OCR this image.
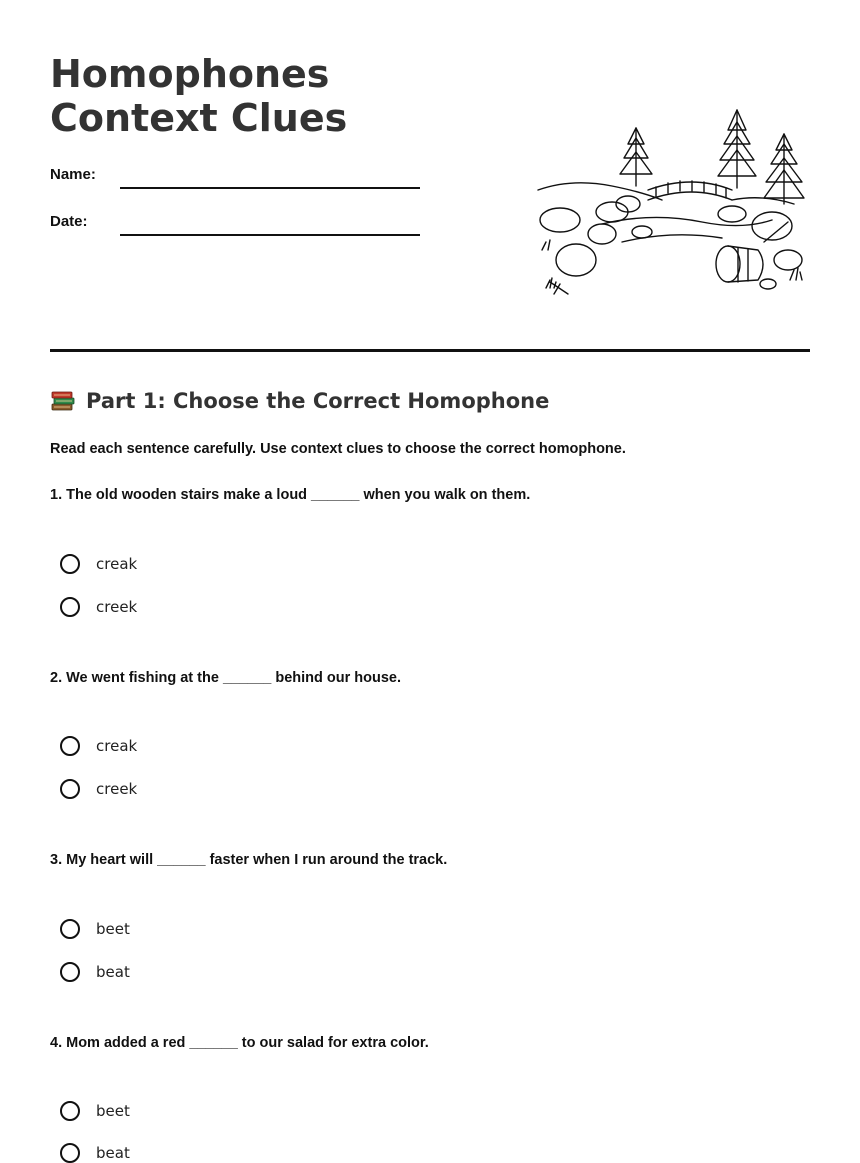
Homophones Context Clues
Name:
Date:
Part 1: Choose the Correct Homophone

Read each sentence carefully. Use context clues to choose the correct homophone.

1. The old wooden stairs make a loud ______ when you walk on them.

creak
creek

2. We went fishing at the ______ behind our house.

creak
creek

3. My heart will ______ faster when I run around the track.

beet
beat

4. Mom added a red ______ to our salad for extra color.

beet
beat
